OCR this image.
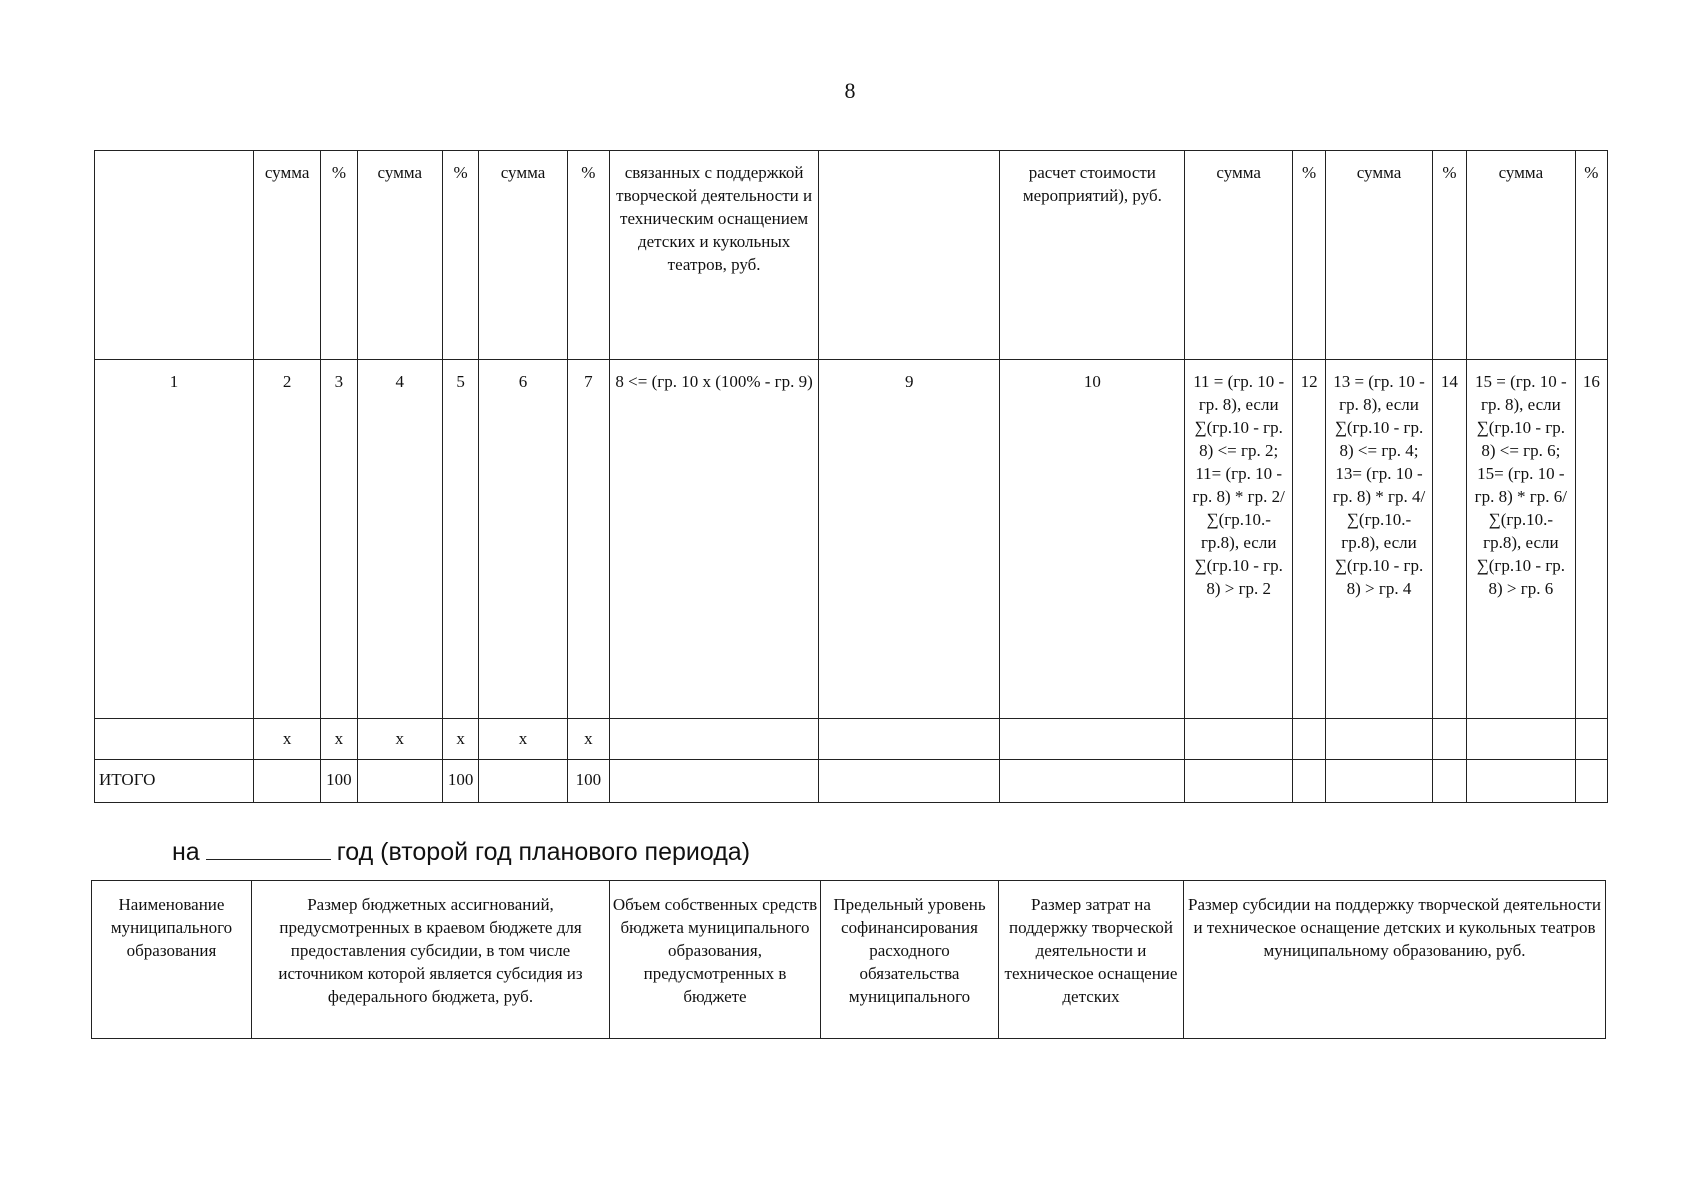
8
	сумма	%	сумма	%	сумма	%	связанных с поддержкой творческой деятельности и техническим оснащением детских и кукольных театров, руб.		расчет стоимости мероприятий), руб.	сумма	%	сумма	%	сумма	%
1	2	3	4	5	6	7	8 <= (гр. 10 x (100% - гр. 9)	9	10	11 = (гр. 10 - гр. 8), если ∑(гр.10 - гр. 8) <= гр. 2; 11= (гр. 10 - гр. 8) * гр. 2/ ∑(гр.10.- гр.8), если ∑(гр.10 - гр. 8) > гр. 2	12	13 = (гр. 10 - гр. 8), если ∑(гр.10 - гр. 8) <= гр. 4; 13= (гр. 10 - гр. 8) * гр. 4/ ∑(гр.10.- гр.8), если ∑(гр.10 - гр. 8) > гр. 4	14	15 = (гр. 10 - гр. 8), если ∑(гр.10 - гр. 8) <= гр. 6; 15= (гр. 10 - гр. 8) * гр. 6/ ∑(гр.10.- гр.8), если ∑(гр.10 - гр. 8) > гр. 6	16
	x	x	x	x	x	x									
ИТОГО		100		100		100									
на	год (второй год планового периода)
Наименование муниципального образования	Размер бюджетных ассигнований, предусмотренных в краевом бюджете для предоставления субсидии, в том числе источником которой является субсидия из федерального бюджета, руб.	Объем собственных средств бюджета муниципального образования, предусмотренных в бюджете	Предельный уровень софинансирования расходного обязательства муниципального	Размер затрат на поддержку творческой деятельности и техническое оснащение детских	Размер субсидии на поддержку творческой деятельности и техническое оснащение детских и кукольных театров муниципальному образованию, руб.
